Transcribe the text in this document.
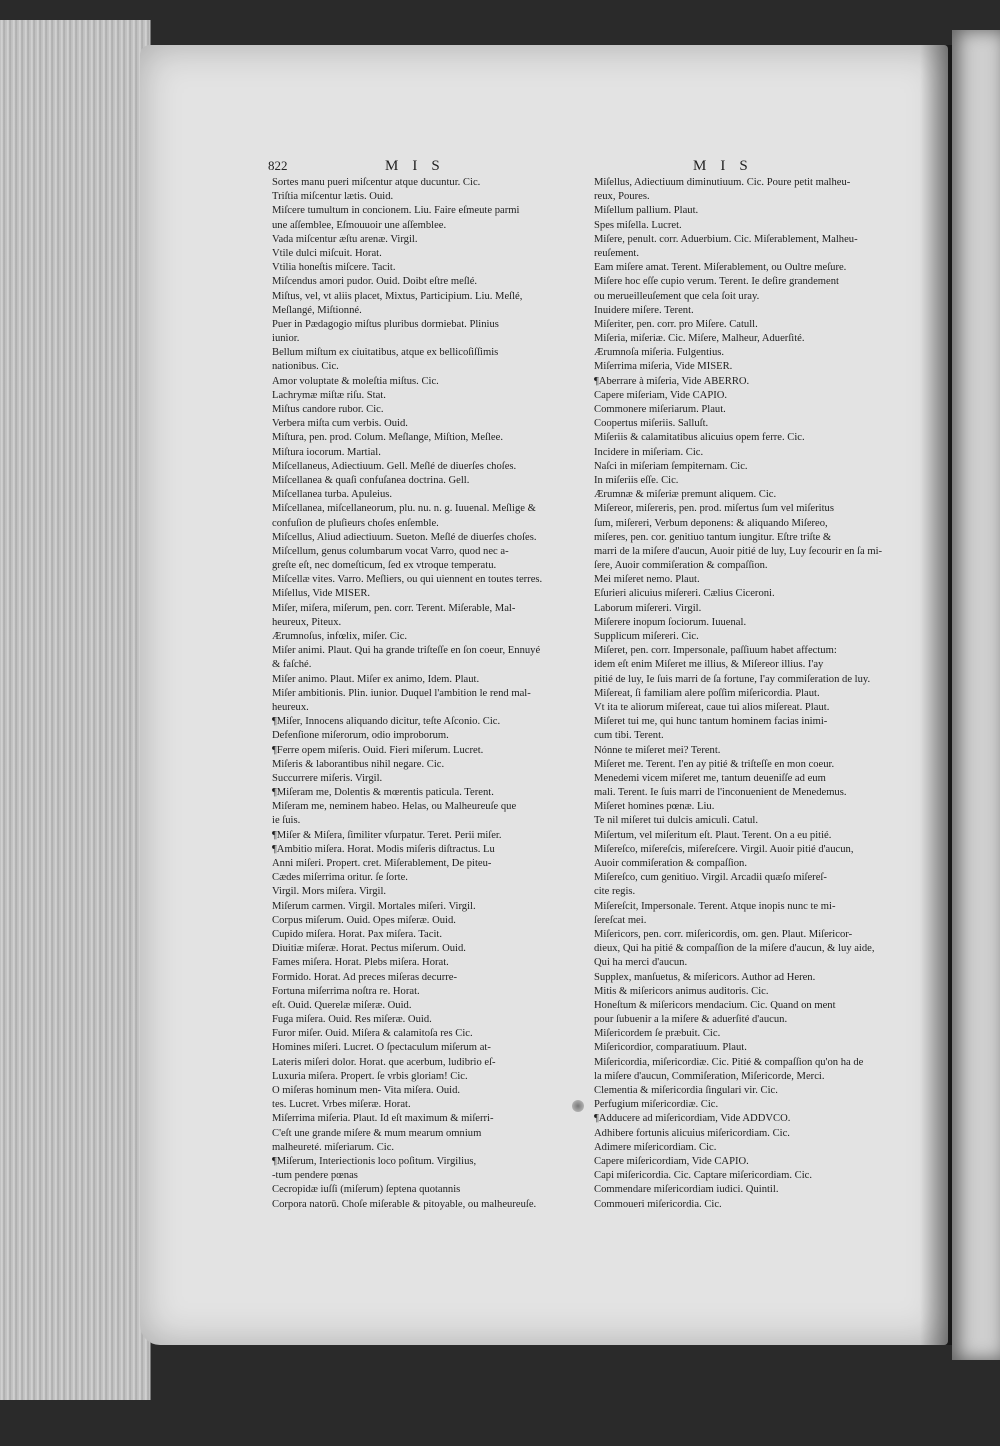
822	MIS	MIS
Sortes manu pueri miſcentur atque ducuntur. Cic.
Triſtia miſcentur lætis. Ouid.
Miſcere tumultum in concionem. Liu. Faire eſmeute parmi
une aſſemblee, Eſmouuoir une aſſemblee.
Vada miſcentur æſtu arenæ. Virgil.
Vtile dulci miſcuit. Horat.
Vtilia honeſtis miſcere. Tacit.
Miſcendus amori pudor. Ouid. Doibt eſtre meſlé.
Miſtus, vel, vt aliis placet, Mixtus, Participium. Liu. Meſlé,
Meſlangé, Miſtionné.
Puer in Pædagogio miſtus pluribus dormiebat. Plinius
iunior.
Bellum miſtum ex ciuitatibus, atque ex bellicoſiſſimis
nationibus. Cic.
Amor voluptate & moleſtia miſtus. Cic.
Lachrymæ miſtæ riſu. Stat.
Miſtus candore rubor. Cic.
Verbera miſta cum verbis. Ouid.
Miſtura, pen. prod. Colum. Meſlange, Miſtion, Meſlee.
Miſtura iocorum. Martial.
Miſcellaneus, Adiectiuum. Gell. Meſlé de diuerſes choſes.
Miſcellanea & quaſi confuſanea doctrina. Gell.
Miſcellanea turba. Apuleius.
Miſcellanea, miſcellaneorum, plu. nu. n. g. Iuuenal. Meſlige &
confuſion de pluſieurs choſes enſemble.
Miſcellus, Aliud adiectiuum. Sueton. Meſlé de diuerſes choſes.
Miſcellum, genus columbarum vocat Varro, quod nec a-
greſte eſt, nec domeſticum, ſed ex vtroque temperatu.
Miſcellæ vites. Varro. Meſliers, ou qui uiennent en toutes terres.
Miſellus, Vide MISER.
Miſer, miſera, miſerum, pen. corr. Terent. Miſerable, Mal-
heureux, Piteux.
Ærumnoſus, infœlix, miſer. Cic.
Miſer animi. Plaut. Qui ha grande triſteſſe en ſon coeur, Ennuyé
& faſché.
Miſer animo. Plaut. Miſer ex animo, Idem. Plaut.
Miſer ambitionis. Plin. iunior. Duquel l'ambition le rend mal-
heureux.
¶Miſer, Innocens aliquando dicitur, teſte Aſconio. Cic.
Defenſione miſerorum, odio improborum.
¶Ferre opem miſeris. Ouid. Fieri miſerum. Lucret.
Miſeris & laborantibus nihil negare. Cic.
Succurrere miſeris. Virgil.
¶Miſeram me, Dolentis & mœrentis paticula. Terent.
Miſeram me, neminem habeo. Helas, ou Malheureuſe que
ie ſuis.
¶Miſer & Miſera, ſimiliter vſurpatur. Teret. Perii miſer.
¶Ambitio miſera. Horat. Modis miſeris diſtractus. Lu
Anni miſeri. Propert. cret. Miſerablement, De piteu-
Cædes miſerrima oritur. ſe ſorte.
Virgil. Mors miſera. Virgil.
Miſerum carmen. Virgil. Mortales miſeri. Virgil.
Corpus miſerum. Ouid. Opes miſeræ. Ouid.
Cupido miſera. Horat. Pax miſera. Tacit.
Diuitiæ miſeræ. Horat. Pectus miſerum. Ouid.
Fames miſera. Horat. Plebs miſera. Horat.
Formido. Horat. Ad preces miſeras decurre-
Fortuna miſerrima noſtra re. Horat.
eſt. Ouid. Querelæ miſeræ. Ouid.
Fuga miſera. Ouid. Res miſeræ. Ouid.
Furor miſer. Ouid. Miſera & calamitoſa res Cic.
Homines miſeri. Lucret. O ſpectaculum miſerum at-
Lateris miſeri dolor. Horat. que acerbum, ludibrio eſ-
Luxuria miſera. Propert. ſe vrbis gloriam! Cic.
O miſeras hominum men- Vita miſera. Ouid.
tes. Lucret. Vrbes miſeræ. Horat.
Miſerrima miſeria. Plaut. Id eſt maximum & miſerri-
C'eſt une grande miſere & mum mearum omnium
malheureté. miſeriarum. Cic.
¶Miſerum, Interiectionis loco poſitum. Virgilius,
-tum pendere pœnas
Cecropidæ iuſſi (miſerum) ſeptena quotannis
Corpora natorū. Choſe miſerable & pitoyable, ou malheureuſe.
Miſellus, Adiectiuum diminutiuum. Cic. Poure petit malheu-
reux, Poures.
Miſellum pallium. Plaut.
Spes miſella. Lucret.
Miſere, penult. corr. Aduerbium. Cic. Miſerablement, Malheu-
reuſement.
Eam miſere amat. Terent. Miſerablement, ou Oultre meſure.
Miſere hoc eſſe cupio verum. Terent. Ie deſire grandement
ou merueilleuſement que cela ſoit uray.
Inuidere miſere. Terent.
Miſeriter, pen. corr. pro Miſere. Catull.
Miſeria, miſeriæ. Cic. Miſere, Malheur, Aduerſité.
Ærumnoſa miſeria. Fulgentius.
Miſerrima miſeria, Vide MISER.
¶Aberrare à miſeria, Vide ABERRO.
Capere miſeriam, Vide CAPIO.
Commonere miſeriarum. Plaut.
Coopertus miſeriis. Salluſt.
Miſeriis & calamitatibus alicuius opem ferre. Cic.
Incidere in miſeriam. Cic.
Naſci in miſeriam ſempiternam. Cic.
In miſeriis eſſe. Cic.
Ærumnæ & miſeriæ premunt aliquem. Cic.
Miſereor, miſereris, pen. prod. miſertus ſum vel miſeritus
ſum, miſereri, Verbum deponens: & aliquando Miſereo,
miſeres, pen. cor. genitiuo tantum iungitur. Eſtre triſte &
marri de la miſere d'aucun, Auoir pitié de luy, Luy ſecourir en ſa mi-
ſere, Auoir commiſeration & compaſſion.
Mei miſeret nemo. Plaut.
Eſurieri alicuius miſereri. Cælius Ciceroni.
Laborum miſereri. Virgil.
Miſerere inopum ſociorum. Iuuenal.
Supplicum miſereri. Cic.
Miſeret, pen. corr. Impersonale, paſſiuum habet affectum:
idem eſt enim Miſeret me illius, & Miſereor illius. I'ay
pitié de luy, Ie ſuis marri de ſa fortune, I'ay commiſeration de luy.
Miſereat, ſi familiam alere poſſim miſericordia. Plaut.
Vt ita te aliorum miſereat, caue tui alios miſereat. Plaut.
Miſeret tui me, qui hunc tantum hominem facias inimi-
cum tibi. Terent.
Nónne te miſeret mei? Terent.
Miſeret me. Terent. I'en ay pitié & triſteſſe en mon coeur.
Menedemi vicem miſeret me, tantum deueniſſe ad eum
mali. Terent. Ie ſuis marri de l'inconuenient de Menedemus.
Miſeret homines pœnæ. Liu.
Te nil miſeret tui dulcis amiculi. Catul.
Miſertum, vel miſeritum eſt. Plaut. Terent. On a eu pitié.
Miſereſco, miſereſcis, miſereſcere. Virgil. Auoir pitié d'aucun,
Auoir commiſeration & compaſſion.
Miſereſco, cum genitiuo. Virgil. Arcadii quæſo miſereſ-
cite regis.
Miſereſcit, Impersonale. Terent. Atque inopis nunc te mi-
ſereſcat mei.
Miſericors, pen. corr. miſericordis, om. gen. Plaut. Miſericor-
dieux, Qui ha pitié & compaſſion de la miſere d'aucun, & luy aide,
Qui ha merci d'aucun.
Supplex, manſuetus, & miſericors. Author ad Heren.
Mitis & miſericors animus auditoris. Cic.
Honeſtum & miſericors mendacium. Cic. Quand on ment
pour ſubuenir a la miſere & aduerſité d'aucun.
Miſericordem ſe præbuit. Cic.
Miſericordior, comparatiuum. Plaut.
Miſericordia, miſericordiæ. Cic. Pitié & compaſſion qu'on ha de
la miſere d'aucun, Commiſeration, Miſericorde, Merci.
Clementia & miſericordia ſingulari vir. Cic.
Perfugium miſericordiæ. Cic.
¶Adducere ad miſericordiam, Vide ADDVCO.
Adhibere fortunis alicuius miſericordiam. Cic.
Adimere miſericordiam. Cic.
Capere miſericordiam, Vide CAPIO.
Capi miſericordia. Cic. Captare miſericordiam. Cic.
Commendare miſericordiam iudici. Quintil.
Commoueri miſericordia. Cic.
